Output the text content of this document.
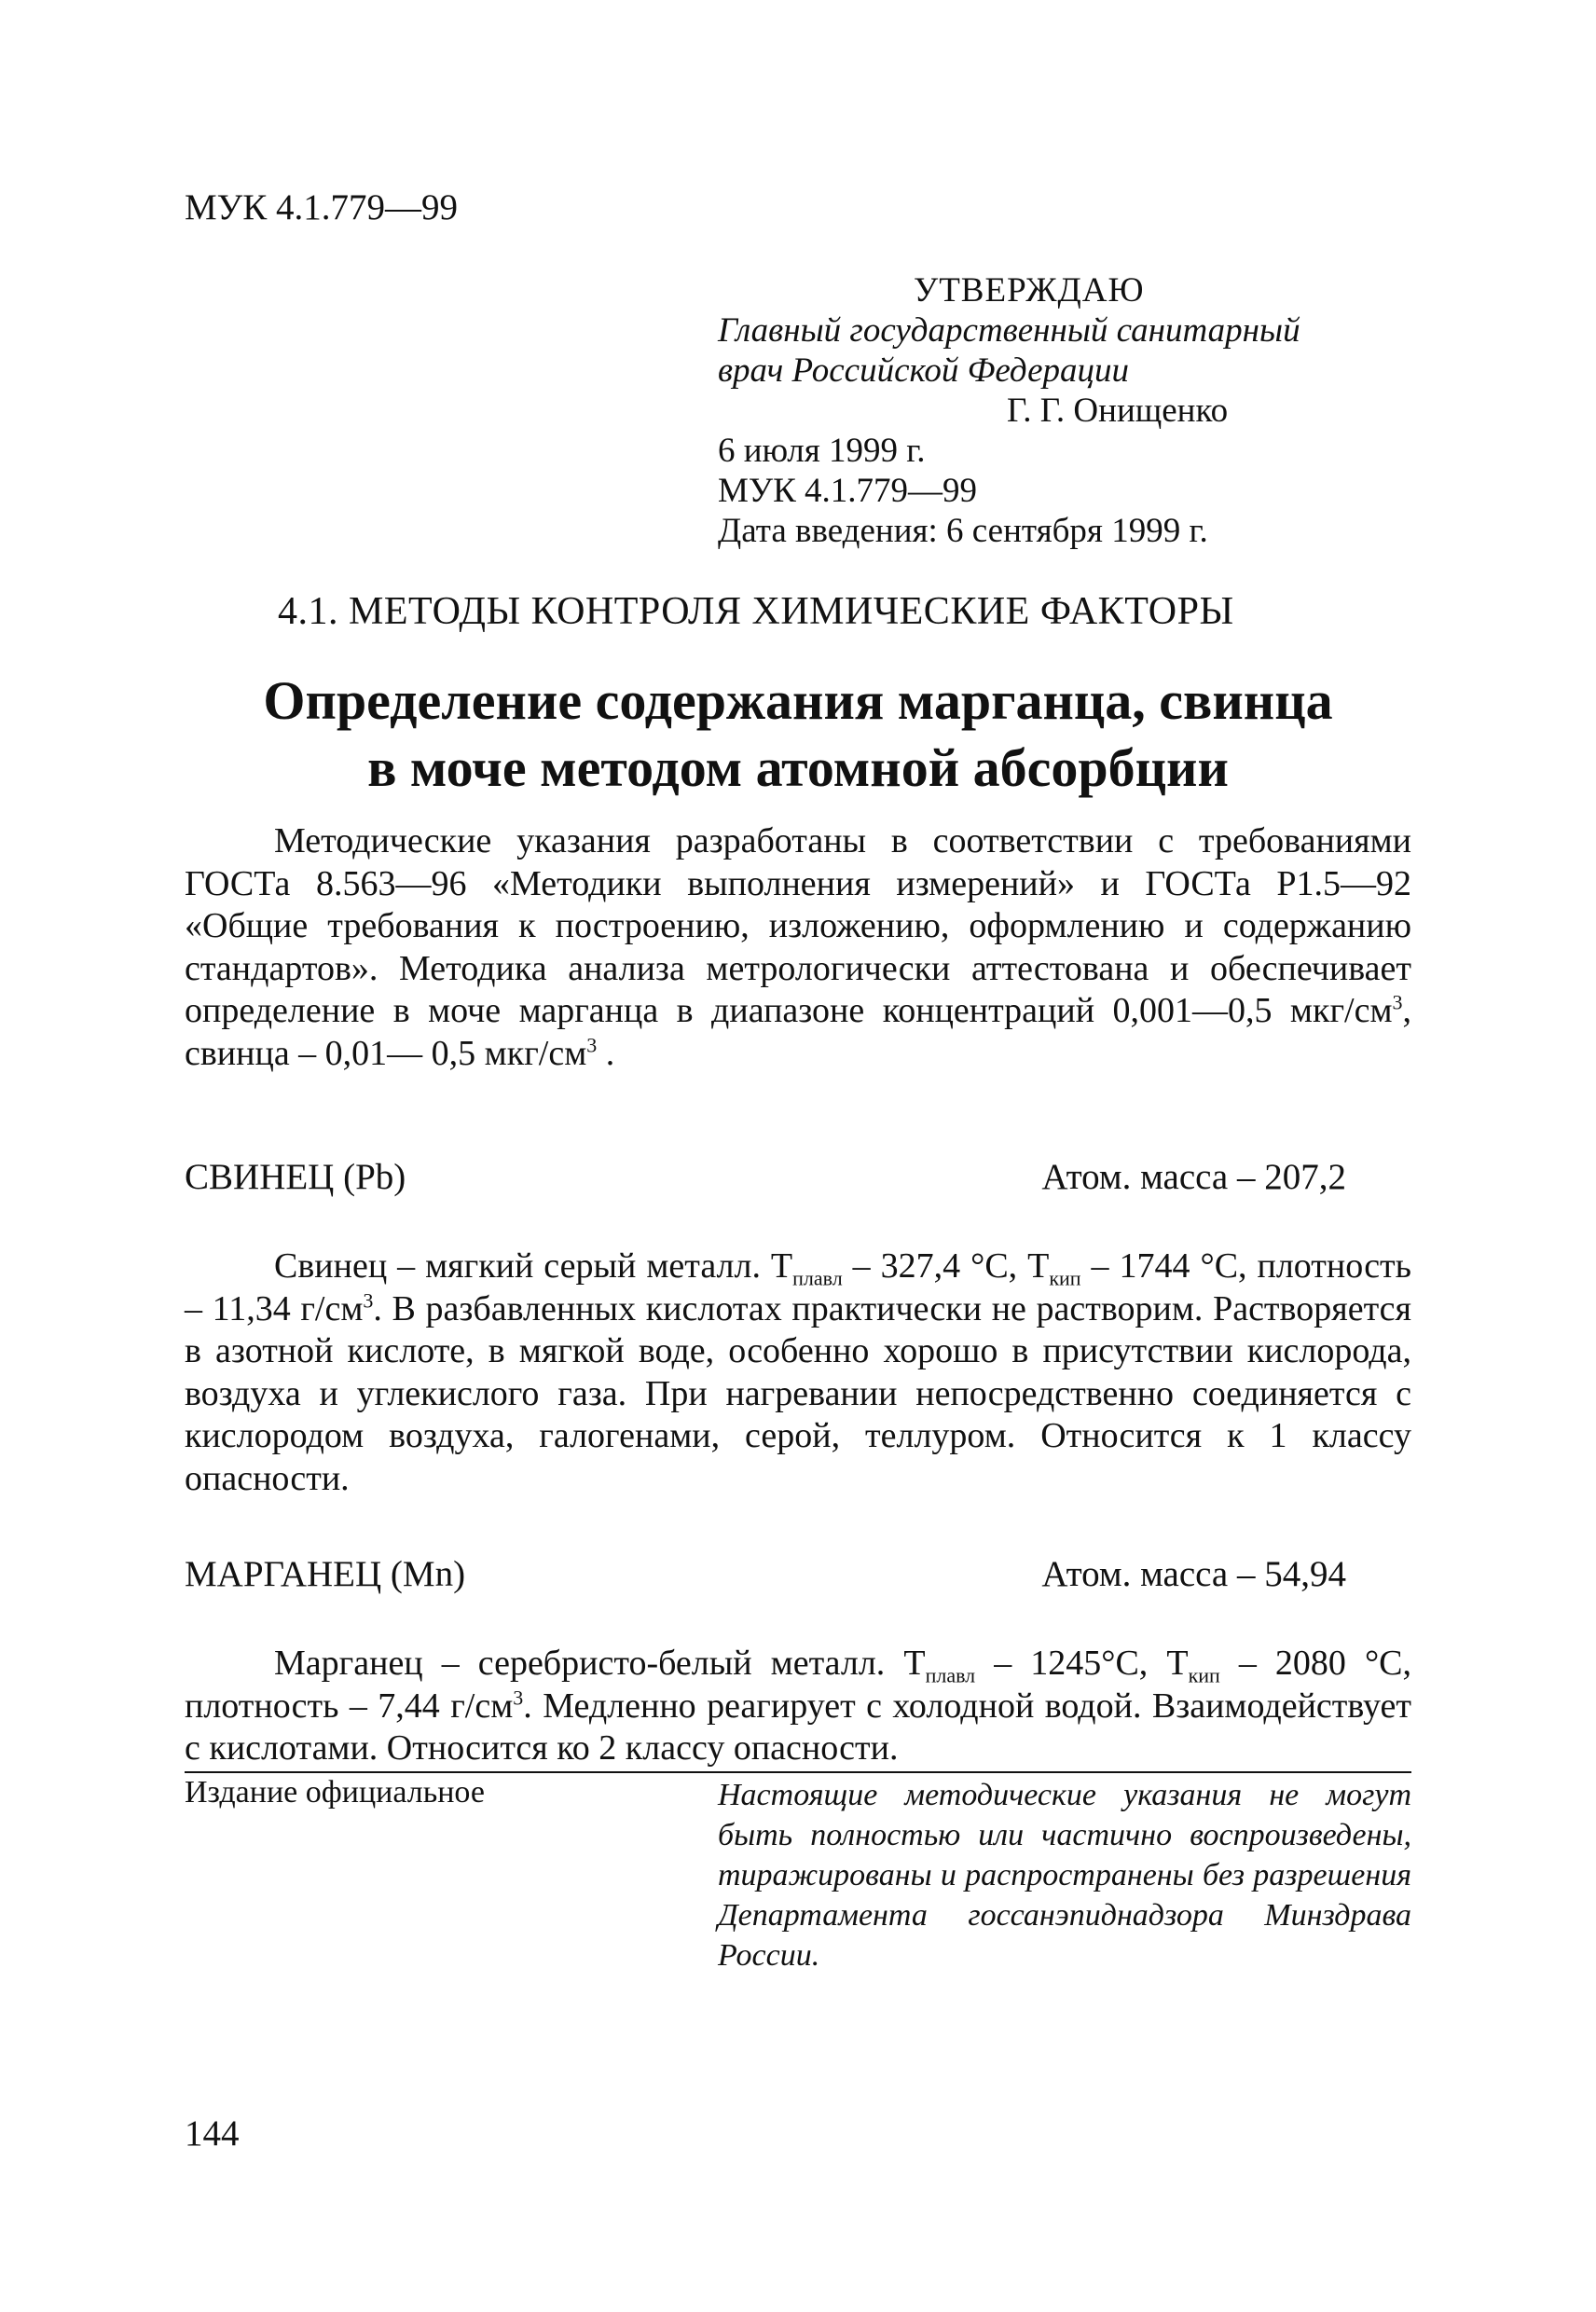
МУК 4.1.779—99
УТВЕРЖДАЮ
Главный государственный санитарный
врач Российской Федерации
Г. Г. Онищенко
6 июля 1999 г.
МУК 4.1.779—99
Дата введения: 6 сентября 1999 г.
4.1. МЕТОДЫ КОНТРОЛЯ ХИМИЧЕСКИЕ ФАКТОРЫ
Определение содержания марганца, свинца
в моче методом атомной абсорбции

Методические указания разработаны в соответствии с требованиями ГОСТа 8.563—96 «Методики выполнения измерений» и ГОСТа Р1.5—92 «Общие требования к построению, изложению, оформлению и содержанию стандартов». Методика анализа метрологически аттестована и обеспечивает определение в моче марганца в диапазоне концентраций 0,001—0,5 мкг/$см^3$, свинца – 0,01— 0,5 мкг/$см^3$ .

СВИНЕЦ (Pb)	Атом. масса – 207,2

Свинец – мягкий серый металл. $Т_{плавл} - 327,4$ °С, $Т_{кип} - 1744$ °С, плотность – 11,34 $г/см^3$. В разбавленных кислотах практически не растворим. Растворяется в азотной кислоте, в мягкой воде, особенно хорошо в присутствии кислорода, воздуха и углекислого газа. При нагревании непосредственно соединяется с кислородом воздуха, галогенами, серой, теллуром. Относится к 1 классу опасности.

МАРГАНЕЦ (Mn)	Атом. масса – 54,94

Марганец – серебристо-белый металл. $Т_{плавл} - 1245^\circ С$, $Т_{кип} - 2080$ °С, плотность – 7,44 $г/см^3$. Медленно реагирует с холодной водой. Взаимодействует с кислотами. Относится ко 2 классу опасности.

Издание официальное	Настоящие методические указания не могут быть полностью или частично воспроизведены, тиражированы и распространены без разрешения Департамента госсанэпиднадзора Минздрава России.
144
